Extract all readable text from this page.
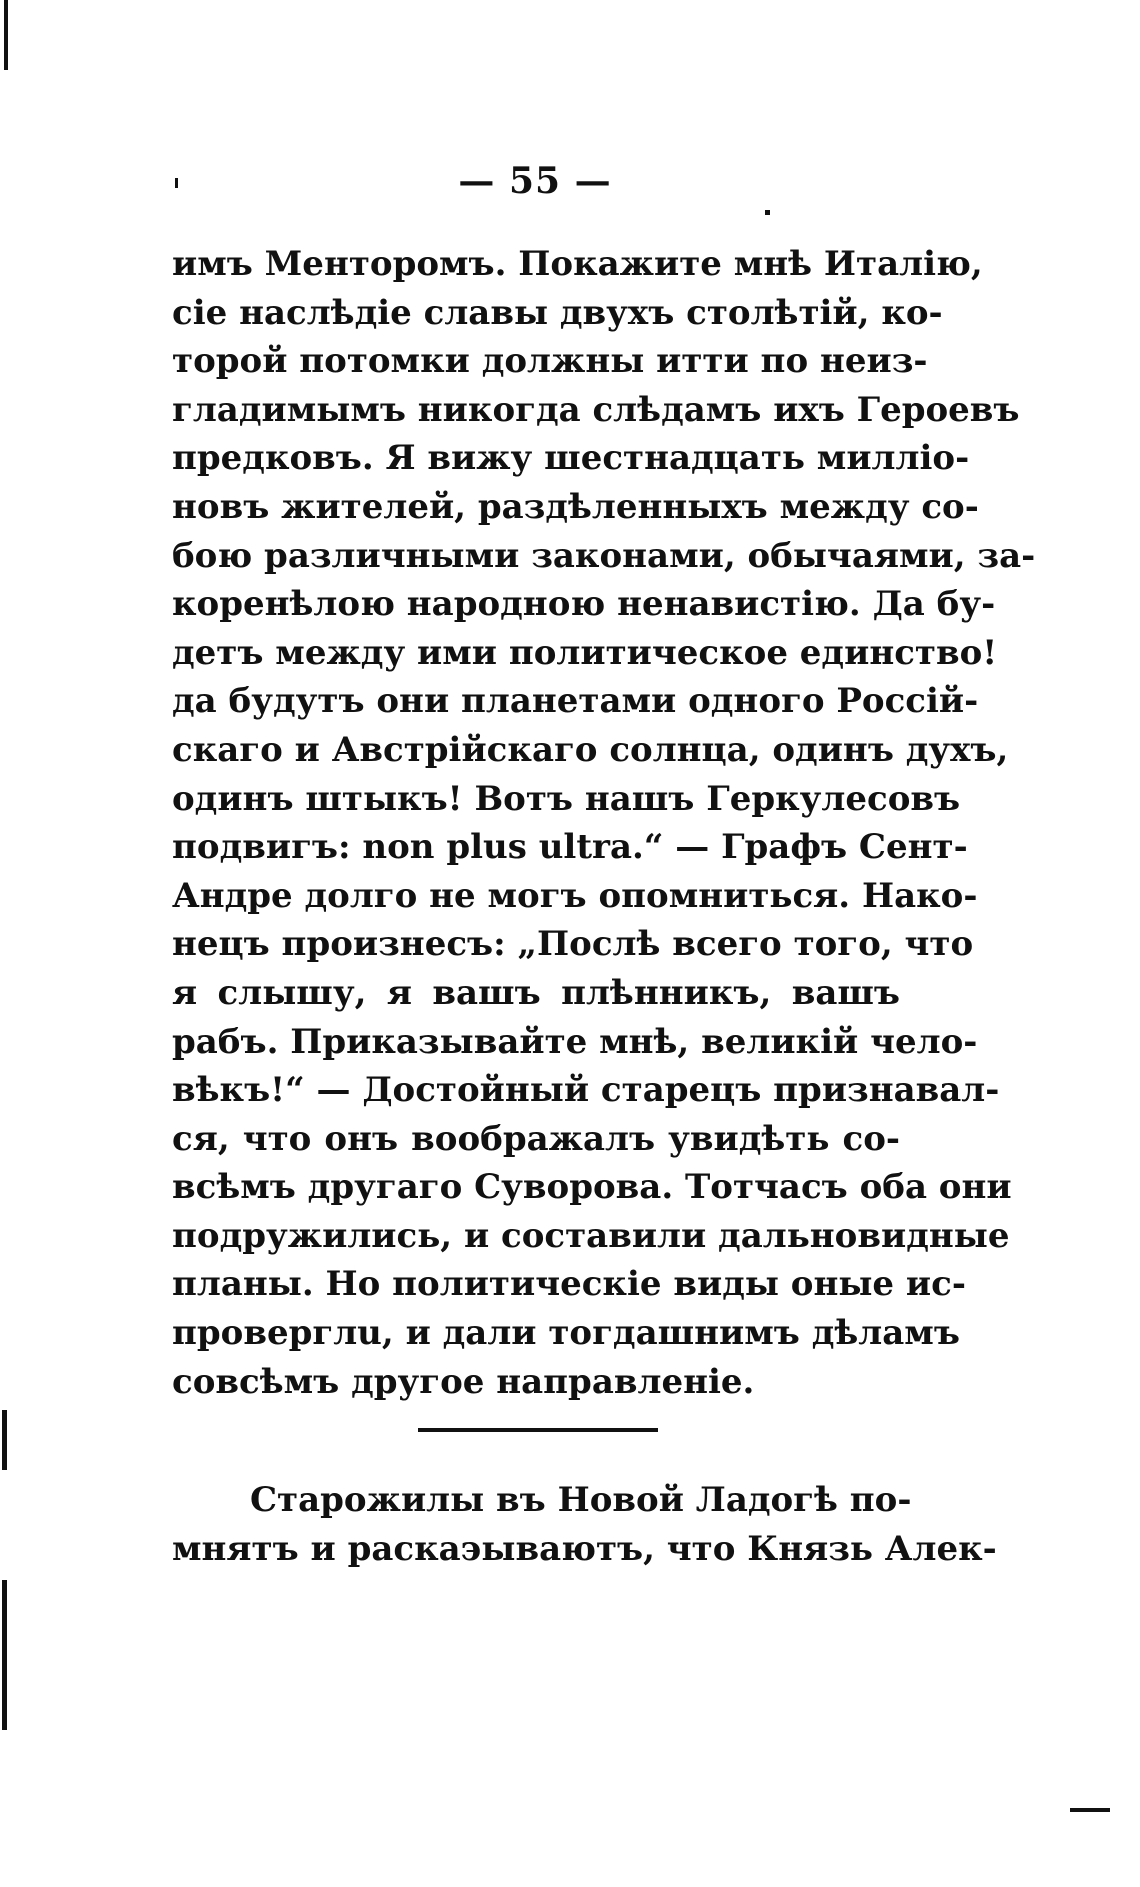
— 55 —
имъ Менторомъ. Покажите мнѣ Италію,
сіе наслѣдіе славы двухъ столѣтій, ко-
торой потомки должны итти по неиз-
гладимымъ никогда слѣдамъ ихъ Героевъ
предковъ. Я вижу шестнадцать милліо-
новъ жителей, раздѣленныхъ между со-
бою различными законами, обычаями, за-
коренѣлою народною ненавистію. Да бу-
детъ между ими политическое единство!
да будутъ они планетами одного Россій-
скаго и Австрійскаго солнца, одинъ духъ,
одинъ штыкъ! Вотъ нашъ Геркулесовъ
подвигъ: non plus ultra.“ — Графъ Сент-
Андре долго не могъ опомниться. Нако-
нецъ произнесъ: „Послѣ всего того, что
я слышу, я вашъ плѣнникъ, вашъ
рабъ. Приказывайте мнѣ, великій чело-
вѣкъ!“ — Достойный старецъ признавал-
ся, что онъ воображалъ увидѣть со-
всѣмъ другаго Суворова. Тотчасъ оба они
подружились, и составили дальновидные
планы. Но политическіе виды оные ис-
проверглu, и дали тогдашнимъ дѣламъ
совсѣмъ другое направленіе.
Старожилы въ Новой Ладогѣ по-
мнятъ и раскаэываютъ, что Князь Алек-
